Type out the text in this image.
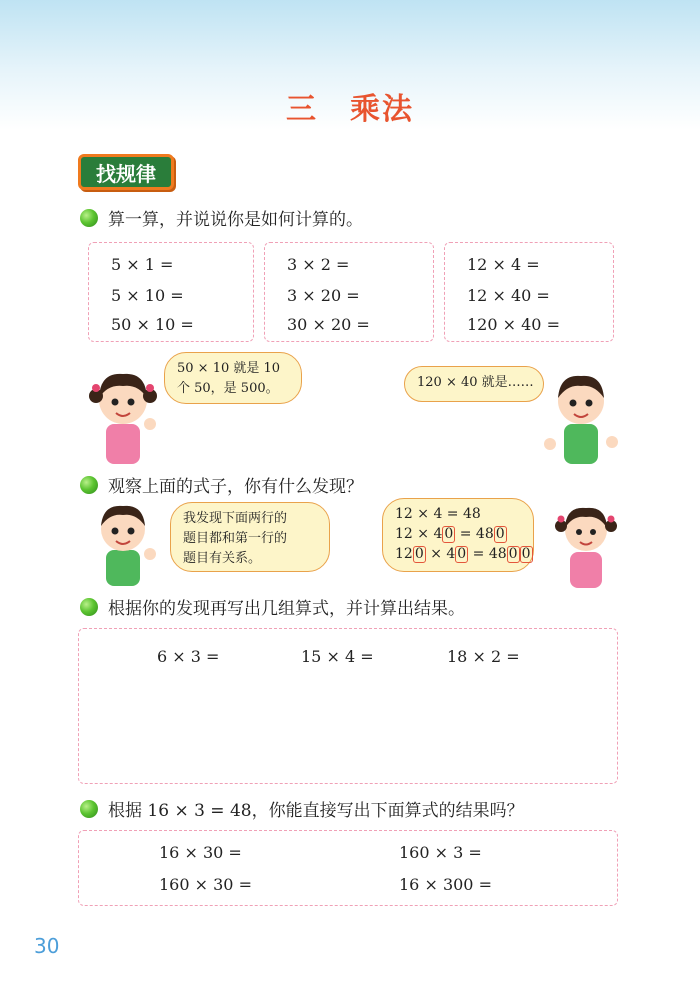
三　乘法
找规律
算一算，并说说你是如何计算的。
5 × 1 =
5 × 10 =
50 × 10 =
3 × 2 =
3 × 20 =
30 × 20 =
12 × 4 =
12 × 40 =
120 × 40 =
50 × 10 就是 10
个 50，是 500。	120 × 40 就是……
观察上面的式子，你有什么发现？
我发现下面两行的
题目都和第一行的
题目有关系。
12 × 4 = 48
12 × 4 0 = 48 0
12 0 × 4 0 = 48 0 0
根据你的发现再写出几组算式，并计算出结果。
6 × 3 =	15 × 4 =	18 × 2 =
根据 16 × 3 = 48，你能直接写出下面算式的结果吗？
16 × 30 =	160 × 3 =
160 × 30 =	16 × 300 =
30
